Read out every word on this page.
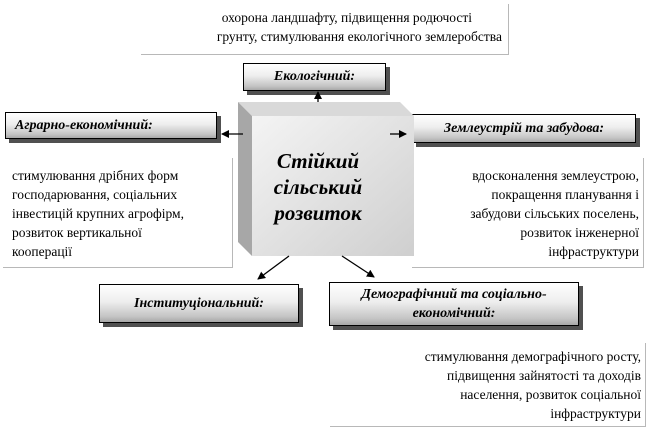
охорона ландшафту, підвищення родючості
грунту, стимулювання екологічного землеробства
Екологічний:
Аграрно-економічний:	Землеустрій та забудова:
стимулювання дрібних форм
господарювання, соціальних
інвестицій крупних агрофірм,
розвиток вертикальної
кооперації
вдосконалення землеустрою,
покращення планування і
забудови сільських поселень,
розвиток інженерної
інфраструктури
Стійкий
сільський
розвиток
Інституціональний:
Демографічний та соціально-
економічний:
стимулювання демографічного росту,
підвищення зайнятості та доходів
населення, розвиток соціальної
інфраструктури
